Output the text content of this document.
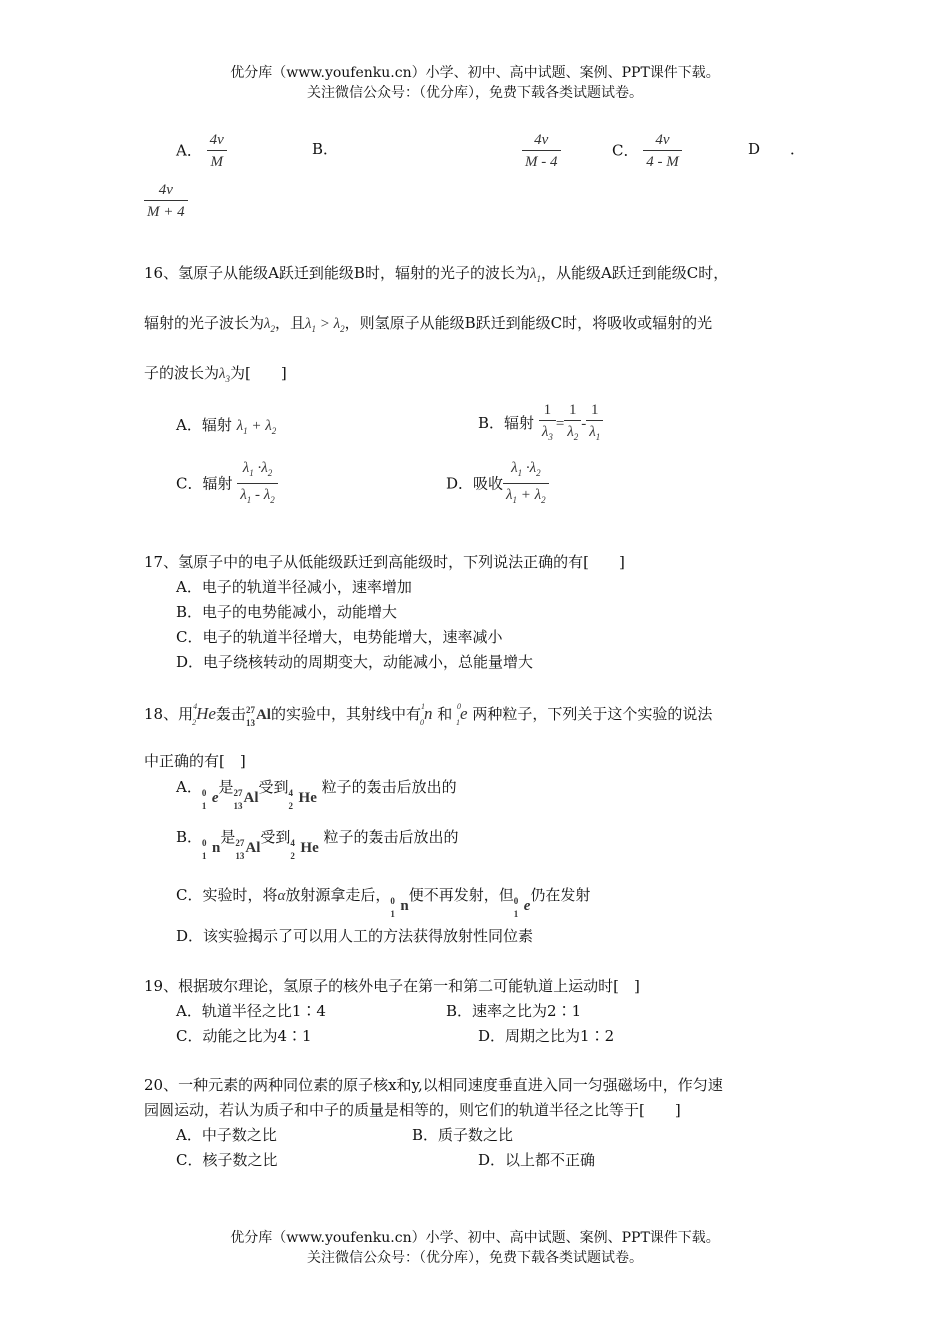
优分库（www.youfenku.cn）小学、初中、高中试题、案例、PPT课件下载。
关注微信公众号：（优分库），免费下载各类试题试卷。
A． $\frac{4v}{M}$	B．	$\frac{4v}{M - 4}$	C． $\frac{4v}{4 - M}$	D　　．
$\frac{4v}{M + 4}$
16、氢原子从能级A跃迁到能级B时，辐射的光子的波长为$\lambda_1$，从能级A跃迁到能级C时，
辐射的光子波长为$\lambda_2$，且$\lambda_1 > \lambda_2$，则氢原子从能级B跃迁到能级C时，将吸收或辐射的光
子的波长为$\lambda_3$为[　　]
A．辐射 $\lambda_1 + \lambda_2$	B．辐射 $\frac{1}{\lambda_3} = \frac{1}{\lambda_2} - \frac{1}{\lambda_1}$
C．辐射 $\frac{\lambda_1 \cdot\lambda_2}{\lambda_1 - \lambda_2}$	D．吸收 $\frac{\lambda_1 \cdot\lambda_2}{\lambda_1 + \lambda_2}$
17、氢原子中的电子从低能级跃迁到高能级时，下列说法正确的有[　　]
A．电子的轨道半径减小，速率增加
B．电子的电势能减小，动能增大
C．电子的轨道半径增大，电势能增大，速率减小
D．电子绕核转动的周期变大，动能减小，总能量增大
18、用$^4_2$He轰击 27
13 Al的实验中，其射线中有$^1_0$n 和 $^0_1$e 两种粒子，下列关于这个实验的说法
中正确的有[　]
A． 0
1 e是 27
13 Al受到 4
2 He 粒子的轰击后放出的
B． 0
1 n是 27
13 Al受到 4
2 He 粒子的轰击后放出的
C．实验时，将α放射源拿走后， 0
1 n便不再发射，但 0
1 e仍在发射
D．该实验揭示了可以用人工的方法获得放射性同位素
19、根据玻尔理论，氢原子的核外电子在第一和第二可能轨道上运动时[　]
A．轨道半径之比1∶4	B．速率之比为2∶1
C．动能之比为4∶1	D．周期之比为1∶2
20、一种元素的两种同位素的原子核x和y,以相同速度垂直进入同一匀强磁场中，作匀速
园圆运动，若认为质子和中子的质量是相等的，则它们的轨道半径之比等于[　　]
A．中子数之比	B．质子数之比
C．核子数之比	D．以上都不正确
优分库（www.youfenku.cn）小学、初中、高中试题、案例、PPT课件下载。
关注微信公众号：（优分库），免费下载各类试题试卷。
